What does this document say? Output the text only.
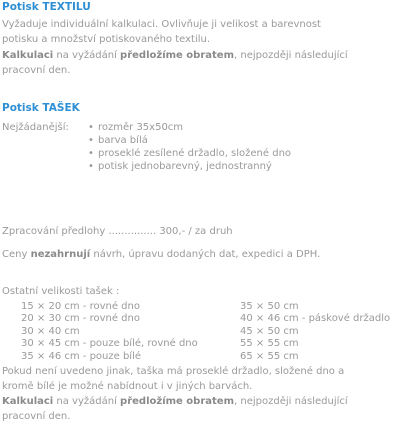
Potisk TEXTILU
Vyžaduje individuální kalkulaci. Ovlivňuje ji velikost a barevnost
potisku a množství potiskovaného textilu.
Kalkulaci na vyžádání předložíme obratem, nejpozději následující
pracovní den.
Potisk TAŠEK
Nejžádanější:
•	rozměr 35x50cm
• barva bílá
• proseklé zesílené držadlo, složené dno
• potisk jednobarevný, jednostranný
Zpracování předlohy ............... 300,- / za druh
Ceny nezahrnují návrh, úpravu dodaných dat, expedici a DPH.
Ostatní velikosti tašek :
15 × 20 cm - rovné dno
20 × 30 cm - rovné dno
30 × 40 cm
30 × 45 cm - pouze bílé, rovné dno
35 × 46 cm - pouze bílé
35 × 50 cm
40 × 46 cm - páskové držadlo
45 × 50 cm
55 × 55 cm
65 × 55 cm
Pokud není uvedeno jinak, taška má proseklé držadlo, složené dno a
kromě bílé je možné nabídnout i v jiných barvách.
Kalkulaci na vyžádání předložíme obratem, nejpozději následující
pracovní den.
